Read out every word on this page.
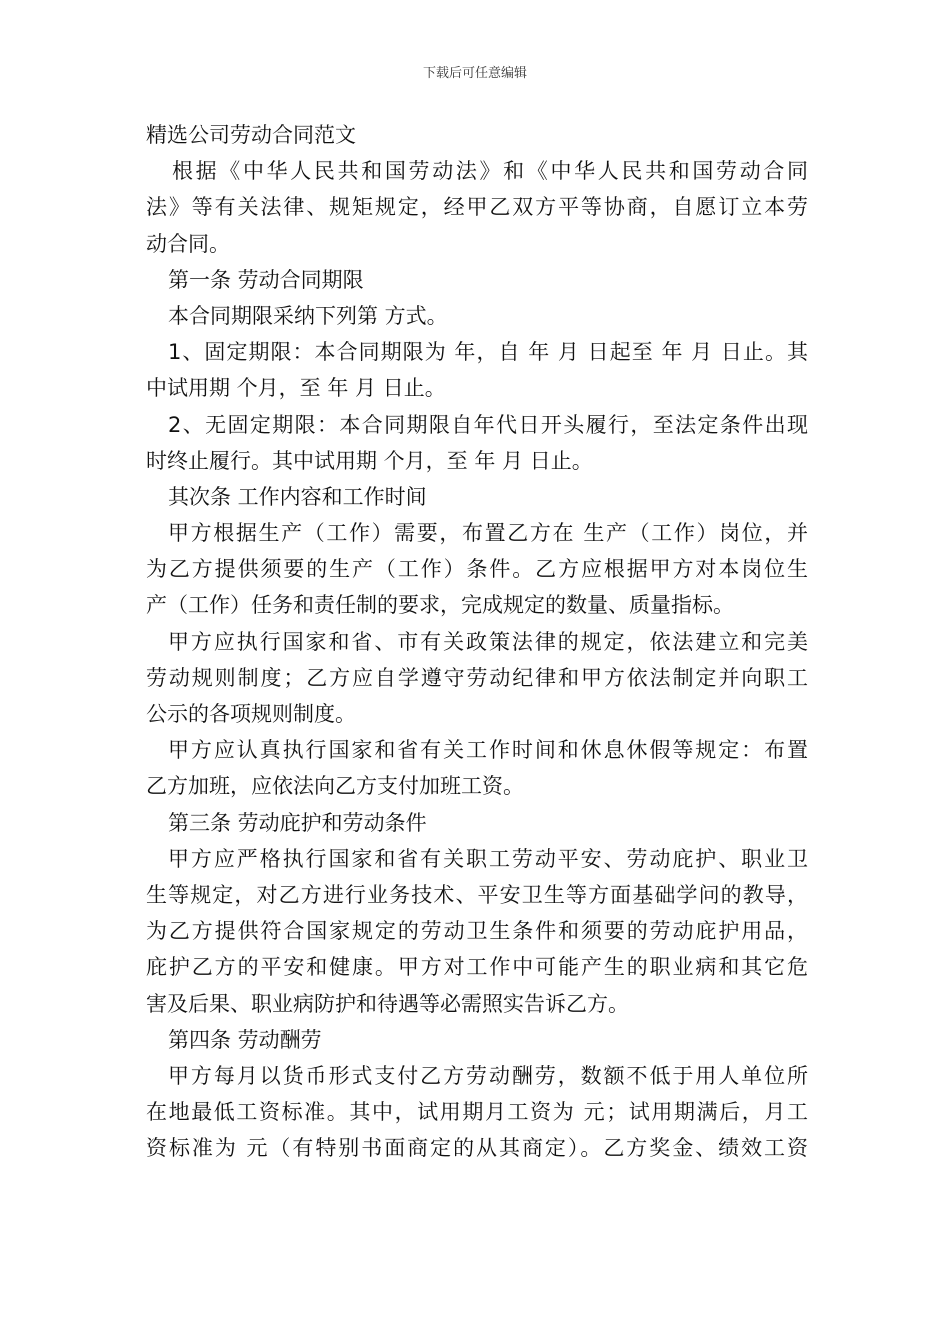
下载后可任意编辑
精选公司劳动合同范文
根据《中华人民共和国劳动法》和《中华人民共和国劳动合同
法》等有关法律、规矩规定，经甲乙双方平等协商，自愿订立本劳
动合同。
第一条 劳动合同期限
本合同期限采纳下列第 方式。
1、固定期限：本合同期限为 年，自 年 月 日起至 年 月 日止。其
中试用期 个月，至 年 月 日止。
2、无固定期限：本合同期限自年代日开头履行，至法定条件出现
时终止履行。其中试用期 个月，至 年 月 日止。
其次条 工作内容和工作时间
甲方根据生产（工作）需要，布置乙方在 生产（工作）岗位，并
为乙方提供须要的生产（工作）条件。乙方应根据甲方对本岗位生
产（工作）任务和责任制的要求，完成规定的数量、质量指标。
甲方应执行国家和省、市有关政策法律的规定，依法建立和完美
劳动规则制度；乙方应自学遵守劳动纪律和甲方依法制定并向职工
公示的各项规则制度。
甲方应认真执行国家和省有关工作时间和休息休假等规定：布置
乙方加班，应依法向乙方支付加班工资。
第三条 劳动庇护和劳动条件
甲方应严格执行国家和省有关职工劳动平安、劳动庇护、职业卫
生等规定，对乙方进行业务技术、平安卫生等方面基础学问的教导，
为乙方提供符合国家规定的劳动卫生条件和须要的劳动庇护用品，
庇护乙方的平安和健康。甲方对工作中可能产生的职业病和其它危
害及后果、职业病防护和待遇等必需照实告诉乙方。
第四条 劳动酬劳
甲方每月以货币形式支付乙方劳动酬劳，数额不低于用人单位所
在地最低工资标准。其中，试用期月工资为 元；试用期满后，月工
资标准为 元（有特别书面商定的从其商定）。乙方奖金、绩效工资
